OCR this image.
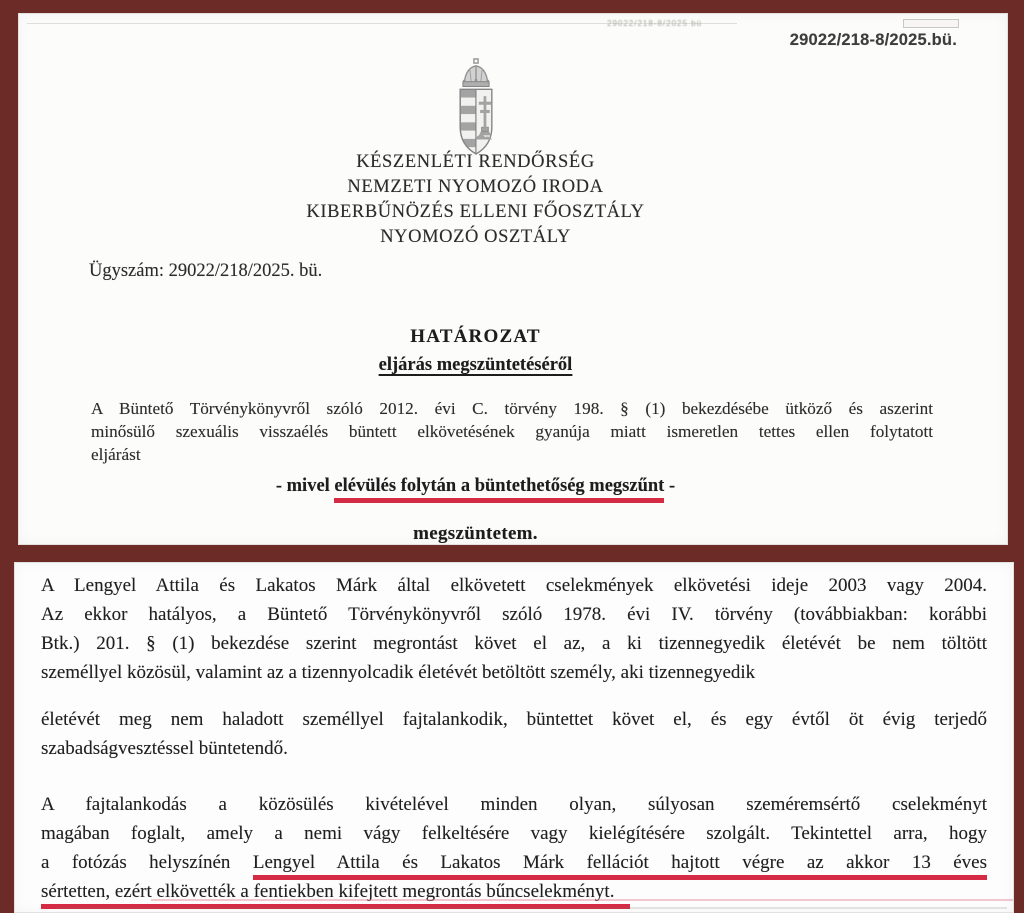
29022/218-8/2025 bü
29022/218-8/2025.bü.
KÉSZENLÉTI RENDŐRSÉG
NEMZETI NYOMOZÓ IRODA
KIBERBŰNÖZÉS ELLENI FŐOSZTÁLY
NYOMOZÓ OSZTÁLY
Ügyszám: 29022/218/2025. bü.
HATÁROZAT
eljárás megszüntetéséről
A Büntető Törvénykönyvről szóló 2012. évi C. törvény 198. § (1) bekezdésébe ütköző és aszerint
minősülő szexuális visszaélés büntett elkövetésének gyanúja miatt ismeretlen tettes ellen folytatott
eljárást
- mivel elévülés folytán a büntethetőség megszűnt -
megszüntetem.
A Lengyel Attila és Lakatos Márk által elkövetett cselekmények elkövetési ideje 2003 vagy 2004.
Az ekkor hatályos, a Büntető Törvénykönyvről szóló 1978. évi IV. törvény (továbbiakban: korábbi
Btk.) 201. § (1) bekezdése szerint megrontást követ el az, a ki tizennegyedik életévét be nem töltött
személlyel közösül, valamint az a tizennyolcadik életévét betöltött személy, aki tizennegyedik
életévét meg nem haladott személlyel fajtalankodik, büntettet követ el, és egy évtől öt évig terjedő
szabadságvesztéssel büntetendő.
A fajtalankodás a közösülés kivételével minden olyan, súlyosan szeméremsértő cselekményt
magában foglalt, amely a nemi vágy felkeltésére vagy kielégítésére szolgált. Tekintettel arra, hogy
a fotózás helyszínén Lengyel Attila és Lakatos Márk fellációt hajtott végre az akkor 13 éves
sértetten, ezért elkövették a fentiekben kifejtett megrontás bűncselekményt.
